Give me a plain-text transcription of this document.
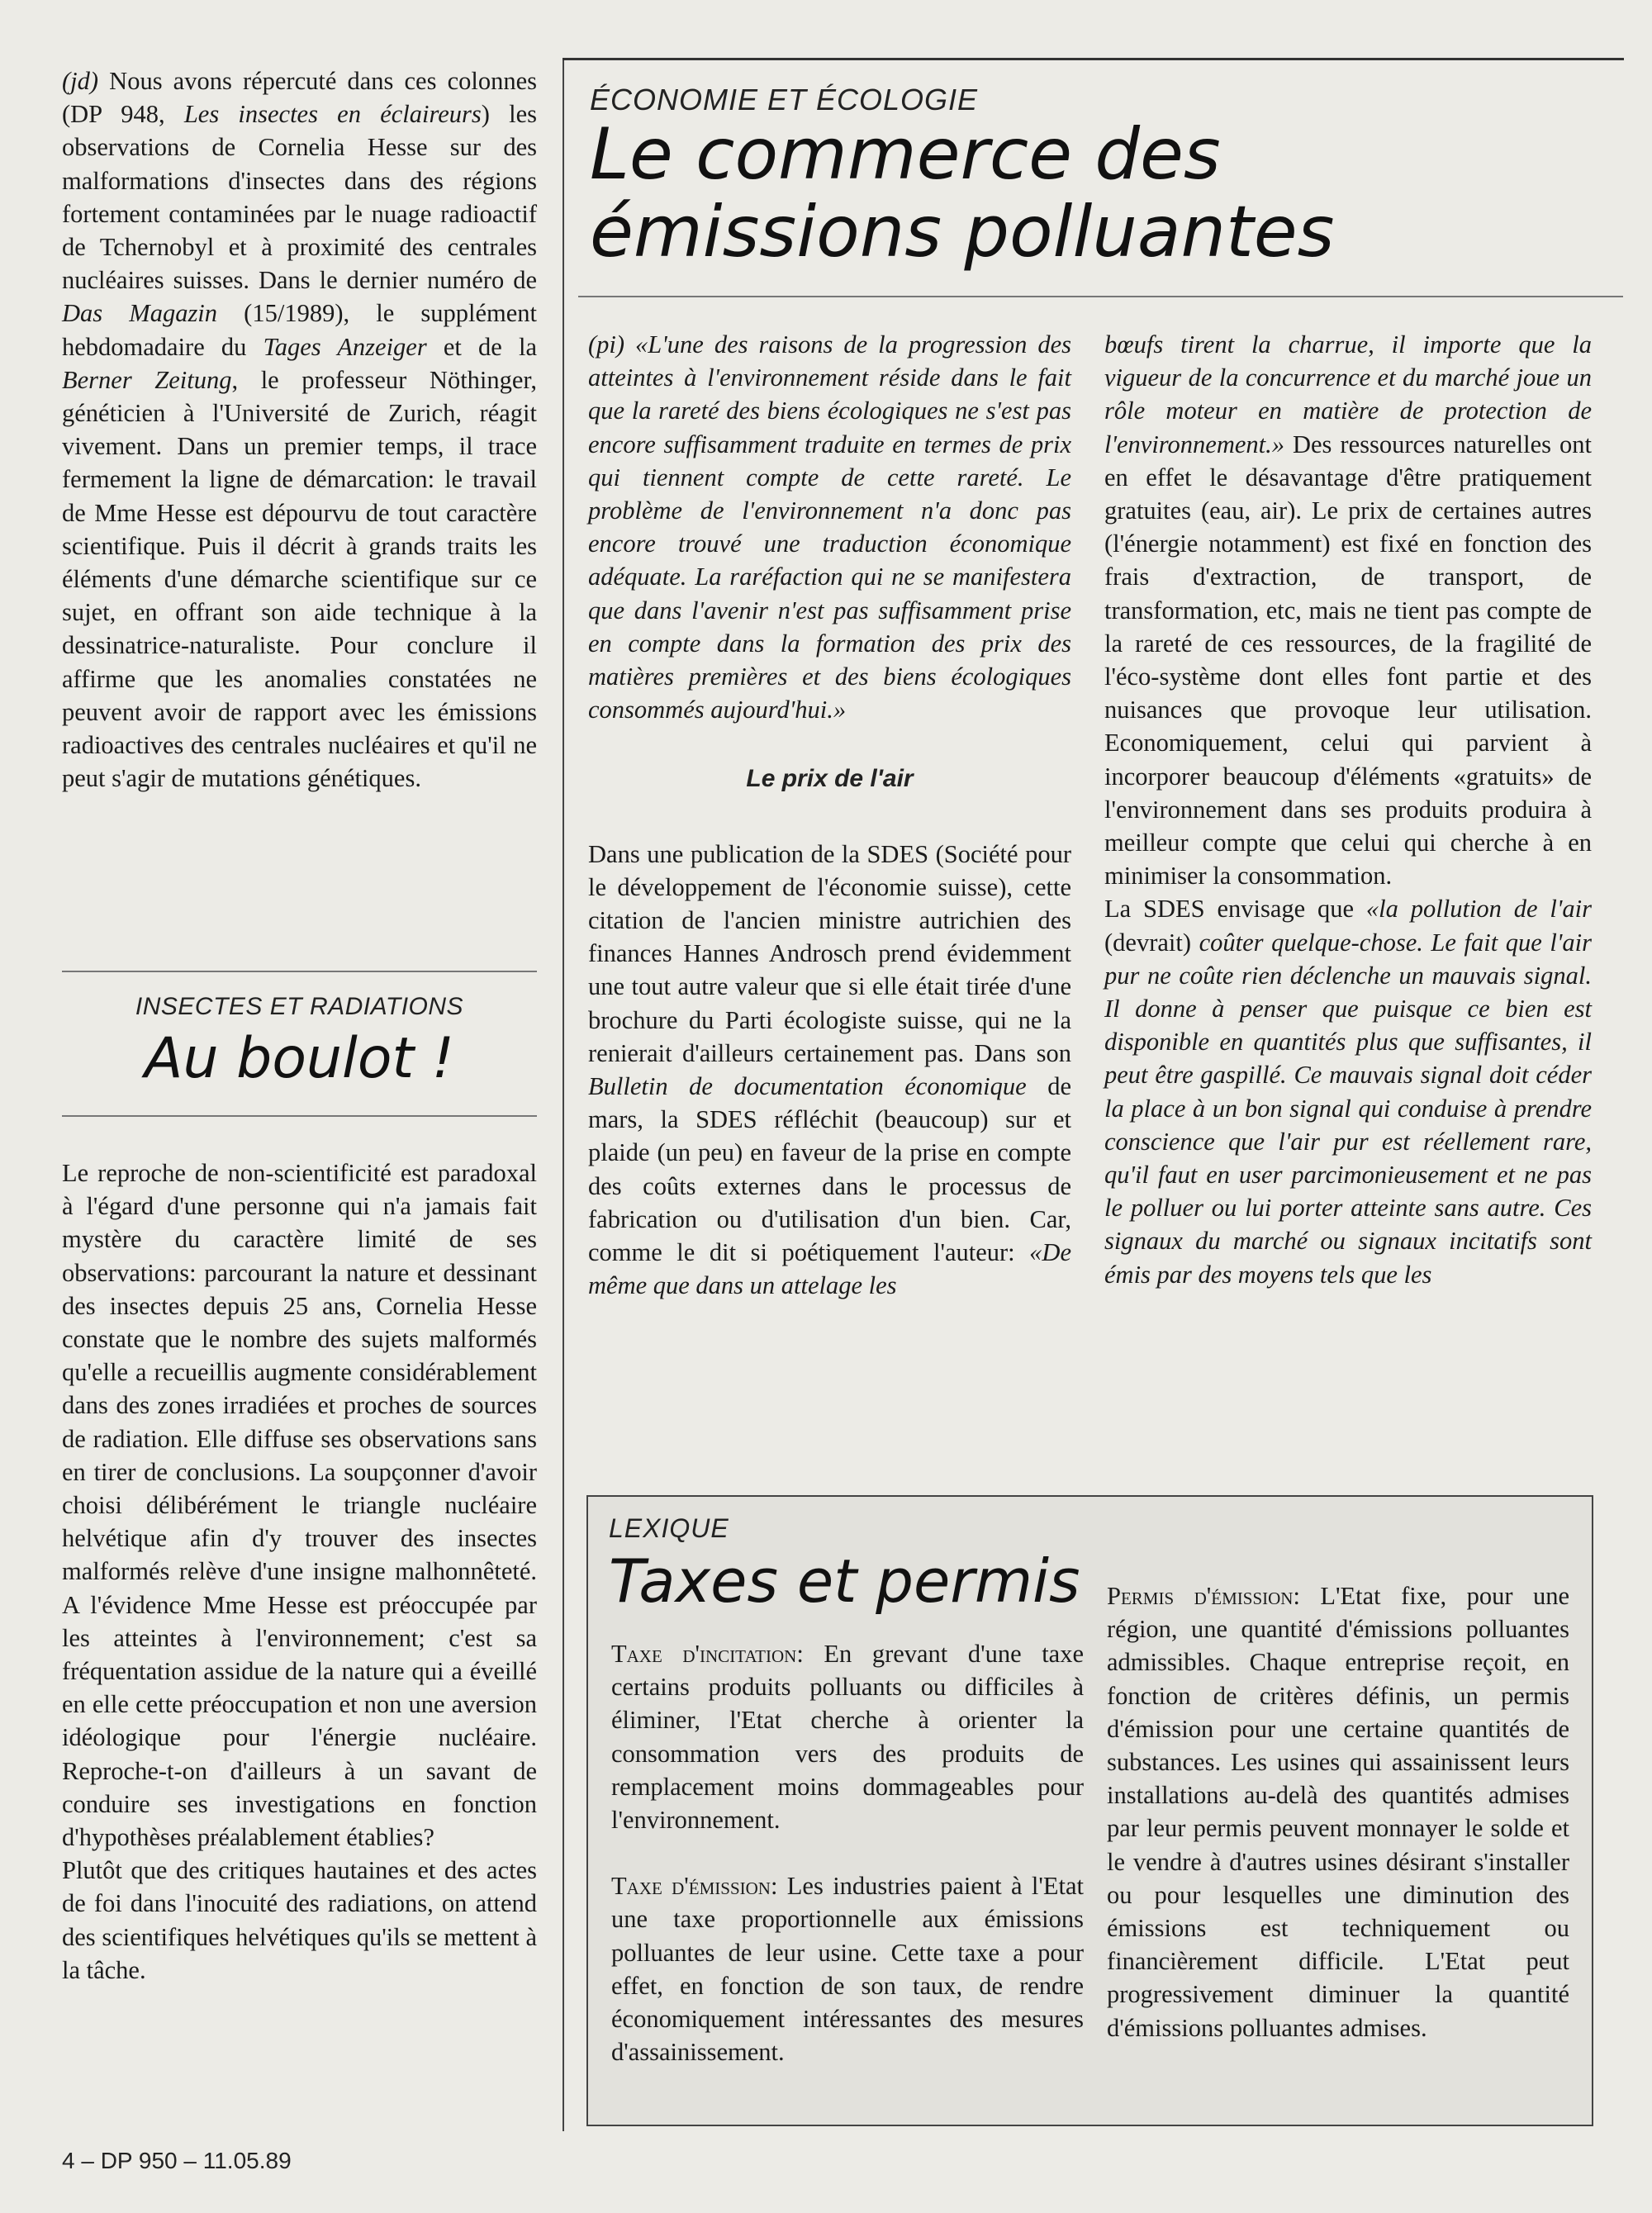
(jd) Nous avons répercuté dans ces colonnes (DP 948, Les insectes en éclaireurs) les observations de Cornelia Hesse sur des malformations d'insectes dans des régions fortement contaminées par le nuage radioactif de Tchernobyl et à proximité des centrales nucléaires suisses. Dans le dernier numéro de Das Magazin (15/1989), le supplément hebdomadaire du Tages Anzeiger et de la Berner Zeitung, le professeur Nöthinger, généticien à l'Université de Zurich, réagit vivement. Dans un premier temps, il trace fermement la ligne de démarcation: le travail de Mme Hesse est dépourvu de tout caractère scientifique. Puis il décrit à grands traits les éléments d'une démarche scientifique sur ce sujet, en offrant son aide technique à la dessinatrice-naturaliste. Pour conclure il affirme que les anomalies constatées ne peuvent avoir de rapport avec les émissions radioactives des centrales nucléaires et qu'il ne peut s'agir de mutations génétiques.

INSECTES ET RADIATIONS
Au boulot !

Le reproche de non-scientificité est paradoxal à l'égard d'une personne qui n'a jamais fait mystère du caractère limité de ses observations: parcourant la nature et dessinant des insectes depuis 25 ans, Cornelia Hesse constate que le nombre des sujets malformés qu'elle a recueillis augmente considérablement dans des zones irradiées et proches de sources de radiation. Elle diffuse ses observations sans en tirer de conclusions. La soupçonner d'avoir choisi délibérément le triangle nucléaire helvétique afin d'y trouver des insectes malformés relève d'une insigne malhonnêteté. A l'évidence Mme Hesse est préoccupée par les atteintes à l'environnement; c'est sa fréquentation assidue de la nature qui a éveillé en elle cette préoccupation et non une aversion idéologique pour l'énergie nucléaire. Reproche-t-on d'ailleurs à un savant de conduire ses investigations en fonction d'hypothèses préalablement établies?

Plutôt que des critiques hautaines et des actes de foi dans l'inocuité des radiations, on attend des scientifiques helvétiques qu'ils se mettent à la tâche.

ÉCONOMIE ET ÉCOLOGIE
Le commerce des
émissions polluantes

(pi) «L'une des raisons de la progression des atteintes à l'environnement réside dans le fait que la rareté des biens écologiques ne s'est pas encore suffisamment traduite en termes de prix qui tiennent compte de cette rareté. Le problème de l'environnement n'a donc pas encore trouvé une traduction économique adéquate. La raréfaction qui ne se manifestera que dans l'avenir n'est pas suffisamment prise en compte dans la formation des prix des matières premières et des biens écologiques consommés aujourd'hui.»

Le prix de l'air

Dans une publication de la SDES (Société pour le développement de l'économie suisse), cette citation de l'ancien ministre autrichien des finances Hannes Androsch prend évidemment une tout autre valeur que si elle était tirée d'une brochure du Parti écologiste suisse, qui ne la renierait d'ailleurs certainement pas. Dans son Bulletin de documentation économique de mars, la SDES réfléchit (beaucoup) sur et plaide (un peu) en faveur de la prise en compte des coûts externes dans le processus de fabrication ou d'utilisation d'un bien. Car, comme le dit si poétiquement l'auteur: «De même que dans un attelage les

bœufs tirent la charrue, il importe que la vigueur de la concurrence et du marché joue un rôle moteur en matière de protection de l'environnement.» Des ressources naturelles ont en effet le désavantage d'être pratiquement gratuites (eau, air). Le prix de certaines autres (l'énergie notamment) est fixé en fonction des frais d'extraction, de transport, de transformation, etc, mais ne tient pas compte de la rareté de ces ressources, de la fragilité de l'éco-système dont elles font partie et des nuisances que provoque leur utilisation. Economiquement, celui qui parvient à incorporer beaucoup d'éléments «gratuits» de l'environnement dans ses produits produira à meilleur compte que celui qui cherche à en minimiser la consommation.

La SDES envisage que «la pollution de l'air (devrait) coûter quelque-chose. Le fait que l'air pur ne coûte rien déclenche un mauvais signal. Il donne à penser que puisque ce bien est disponible en quantités plus que suffisantes, il peut être gaspillé. Ce mauvais signal doit céder la place à un bon signal qui conduise à prendre conscience que l'air pur est réellement rare, qu'il faut en user parcimonieusement et ne pas le polluer ou lui porter atteinte sans autre. Ces signaux du marché ou signaux incitatifs sont émis par des moyens tels que les

LEXIQUE
Taxes et permis

Taxe d'incitation: En grevant d'une taxe certains produits polluants ou difficiles à éliminer, l'Etat cherche à orienter la consommation vers des produits de remplacement moins dommageables pour l'environnement.

Taxe d'émission: Les industries paient à l'Etat une taxe proportionnelle aux émissions polluantes de leur usine. Cette taxe a pour effet, en fonction de son taux, de rendre économiquement intéressantes des mesures d'assainissement.

Permis d'émission: L'Etat fixe, pour une région, une quantité d'émissions polluantes admissibles. Chaque entreprise reçoit, en fonction de critères définis, un permis d'émission pour une certaine quantités de substances. Les usines qui assainissent leurs installations au-delà des quantités admises par leur permis peuvent monnayer le solde et le vendre à d'autres usines désirant s'installer ou pour lesquelles une diminution des émissions est techniquement ou financièrement difficile. L'Etat peut progressivement diminuer la quantité d'émissions polluantes admises.

4 – DP 950 – 11.05.89
